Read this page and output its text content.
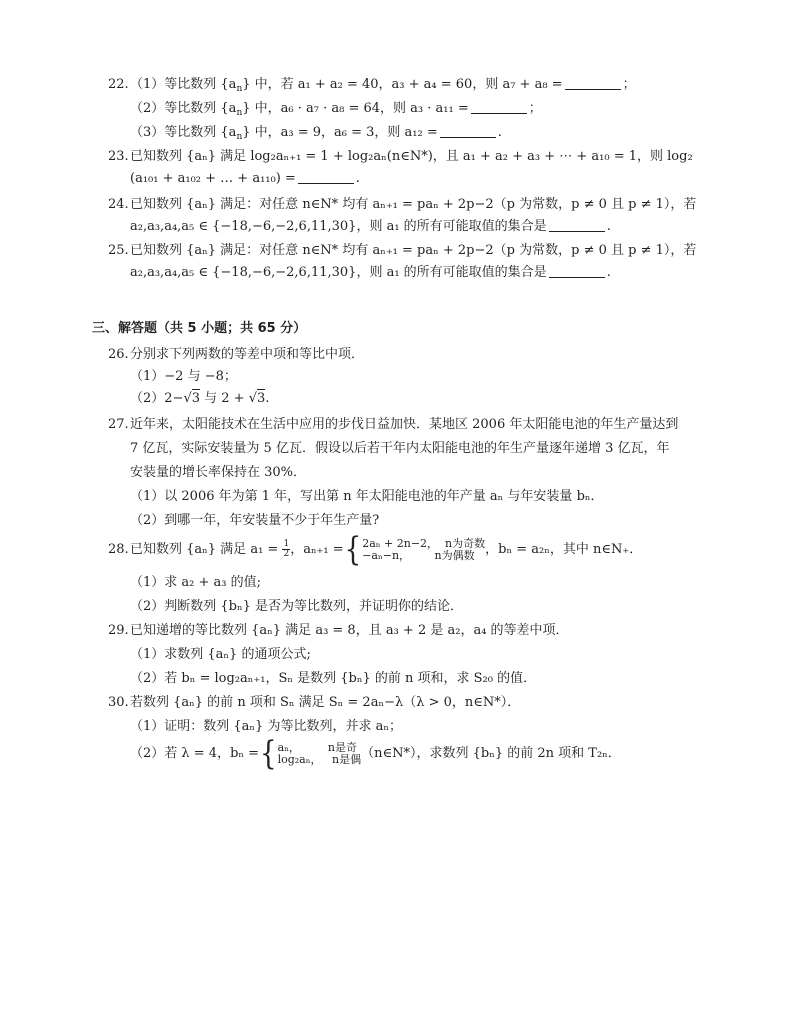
22.（1）等比数列 $\{a_n\}$ 中，若 a₁ + a₂ = 40，a₃ + a₄ = 60，则 a₇ + a₈ =	；
（2）等比数列 $\{a_n\}$ 中，a₆ · a₇ · a₈ = 64，则 a₃ · a₁₁ =	；
（3）等比数列 $\{a_n\}$ 中，a₃ = 9，a₆ = 3，则 a₁₂ =	.
23.已知数列 {aₙ} 满足 log₂aₙ₊₁ = 1 + log₂aₙ(n∈N*)，且 a₁ + a₂ + a₃ + ⋯ + a₁₀ = 1，则 log₂
(a₁₀₁ + a₁₀₂ + … + a₁₁₀) =	.
24.已知数列 {aₙ} 满足：对任意 n∈N* 均有 aₙ₊₁ = paₙ + 2p−2（p 为常数，p ≠ 0 且 p ≠ 1），若
a₂,a₃,a₄,a₅ ∈ {−18,−6,−2,6,11,30}，则 a₁ 的所有可能取值的集合是	.
25.已知数列 {aₙ} 满足：对任意 n∈N* 均有 aₙ₊₁ = paₙ + 2p−2（p 为常数，p ≠ 0 且 p ≠ 1），若
a₂,a₃,a₄,a₅ ∈ {−18,−6,−2,6,11,30}，则 a₁ 的所有可能取值的集合是	.
三、解答题（共 5 小题；共 65 分）
26.分别求下列两数的等差中项和等比中项．
（1）−2 与 −8；
（2）2−√3 与 2 + √3.
27.近年来，太阳能技术在生活中应用的步伐日益加快．某地区 2006 年太阳能电池的年生产量达到
7 亿瓦，实际安装量为 5 亿瓦．假设以后若干年内太阳能电池的年生产量逐年递增 3 亿瓦，年
安装量的增长率保持在 30%．
（1）以 2006 年为第 1 年，写出第 n 年太阳能电池的年产量 aₙ 与年安装量 bₙ．
（2）到哪一年，年安装量不少于年生产量?
28.已知数列 {aₙ} 满足 $a_1 = \frac{1}{2}$ ，aₙ₊₁ ={ 2aₙ + 2n−2， n为奇数
−aₙ−n， n为偶数 ，bₙ = a₂ₙ，其中 n∈N₊．
（1）求 a₂ + a₃ 的值;
（2）判断数列 {bₙ} 是否为等比数列，并证明你的结论．
29.已知递增的等比数列 {aₙ} 满足 a₃ = 8，且 a₃ + 2 是 a₂，a₄ 的等差中项．
（1）求数列 {aₙ} 的通项公式;
（2）若 bₙ = log₂aₙ₊₁，Sₙ 是数列 {bₙ} 的前 n 项和，求 S₂₀ 的值．
30.若数列 {aₙ} 的前 n 项和 Sₙ 满足 Sₙ = 2aₙ−λ（λ > 0，n∈N*）．
（1）证明：数列 {aₙ} 为等比数列，并求 aₙ；
（2）若 λ = 4，bₙ ={ aₙ，	n是奇
log₂aₙ， n是偶 （n∈N*），求数列 {bₙ} 的前 2n 项和 T₂ₙ．
